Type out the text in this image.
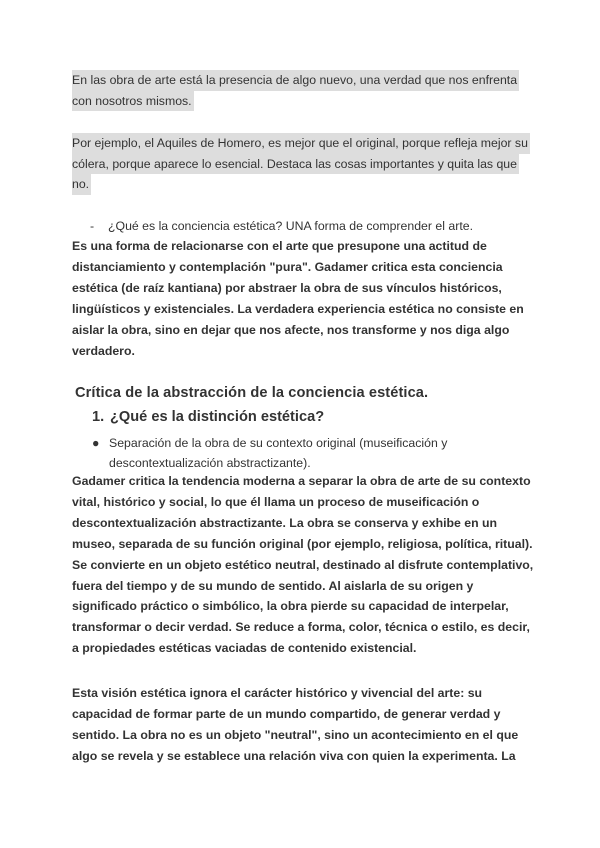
En las obra de arte está la presencia de algo nuevo, una verdad que nos enfrenta
con nosotros mismos.
Por ejemplo, el Aquiles de Homero, es mejor que el original, porque refleja mejor su
cólera, porque aparece lo esencial. Destaca las cosas importantes y quita las que
no.
- ¿Qué es la conciencia estética? UNA forma de comprender el arte.
Es una forma de relacionarse con el arte que presupone una actitud de
distanciamiento y contemplación "pura". Gadamer critica esta conciencia
estética (de raíz kantiana) por abstraer la obra de sus vínculos históricos,
lingüísticos y existenciales. La verdadera experiencia estética no consiste en
aislar la obra, sino en dejar que nos afecte, nos transforme y nos diga algo
verdadero.
Crítica de la abstracción de la conciencia estética.
1. ¿Qué es la distinción estética?
● Separación de la obra de su contexto original (museificación y
descontextualización abstractizante).
Gadamer critica la tendencia moderna a separar la obra de arte de su contexto
vital, histórico y social, lo que él llama un proceso de museificación o
descontextualización abstractizante. La obra se conserva y exhibe en un
museo, separada de su función original (por ejemplo, religiosa, política, ritual).
Se convierte en un objeto estético neutral, destinado al disfrute contemplativo,
fuera del tiempo y de su mundo de sentido. Al aislarla de su origen y
significado práctico o simbólico, la obra pierde su capacidad de interpelar,
transformar o decir verdad. Se reduce a forma, color, técnica o estilo, es decir,
a propiedades estéticas vaciadas de contenido existencial.
Esta visión estética ignora el carácter histórico y vivencial del arte: su
capacidad de formar parte de un mundo compartido, de generar verdad y
sentido. La obra no es un objeto "neutral", sino un acontecimiento en el que
algo se revela y se establece una relación viva con quien la experimenta. La
